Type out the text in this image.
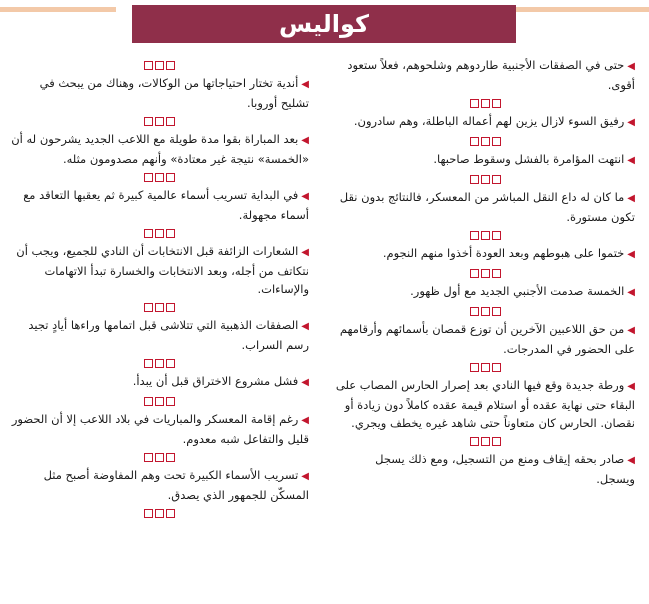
كواليس

◀حتى في الصفقات الأجنبية طاردوهم وشلحوهم، فعلاً ستعود أقوى.

◀رفيق السوء لازال يزين لهم أعماله الباطلة، وهم سادرون.

◀انتهت المؤامرة بالفشل وسقوط صاحبها.

◀ما كان له داع النقل المباشر من المعسكر، فالنتائج بدون نقل تكون مستورة.

◀ختموا على هبوطهم وبعد العودة أخذوا منهم النجوم.

◀الخمسة صدمت الأجنبي الجديد مع أول ظهور.

◀من حق اللاعبين الآخرين أن توزع قمصان بأسمائهم وأرقامهم على الحضور في المدرجات.

◀ورطة جديدة وقع فيها النادي بعد إصرار الحارس المصاب على البقاء حتى نهاية عقده أو استلام قيمة عقده كاملاً دون زيادة أو نقصان. الحارس كان متعاوناً حتى شاهد غيره يخطف ويجري.

◀صادر بحقه إيقاف ومنع من التسجيل، ومع ذلك يسجل ويسجل.

◀أندية تختار احتياجاتها من الوكالات، وهناك من يبحث في تشليح أوروبا.

◀بعد المباراة بقوا مدة طويلة مع اللاعب الجديد يشرحون له أن «الخمسة» نتيجة غير معتادة» وأنهم مصدومون مثله.

◀في البداية تسريب أسماء عالمية كبيرة ثم يعقبها التعاقد مع أسماء مجهولة.

◀الشعارات الزائفة قبل الانتخابات أن النادي للجميع، ويجب أن نتكاتف من أجله، وبعد الانتخابات والخسارة تبدأ الاتهامات والإساءات.

◀الصفقات الذهبية التي تتلاشى قبل اتمامها وراءها أيادٍ تجيد رسم السراب.

◀فشل مشروع الاختراق قبل أن يبدأ.

◀رغم إقامة المعسكر والمباريات في بلاد اللاعب إلا أن الحضور قليل والتفاعل شبه معدوم.

◀تسريب الأسماء الكبيرة تحت وهم المفاوضة أصبح مثل المسكّن للجمهور الذي يصدق.
